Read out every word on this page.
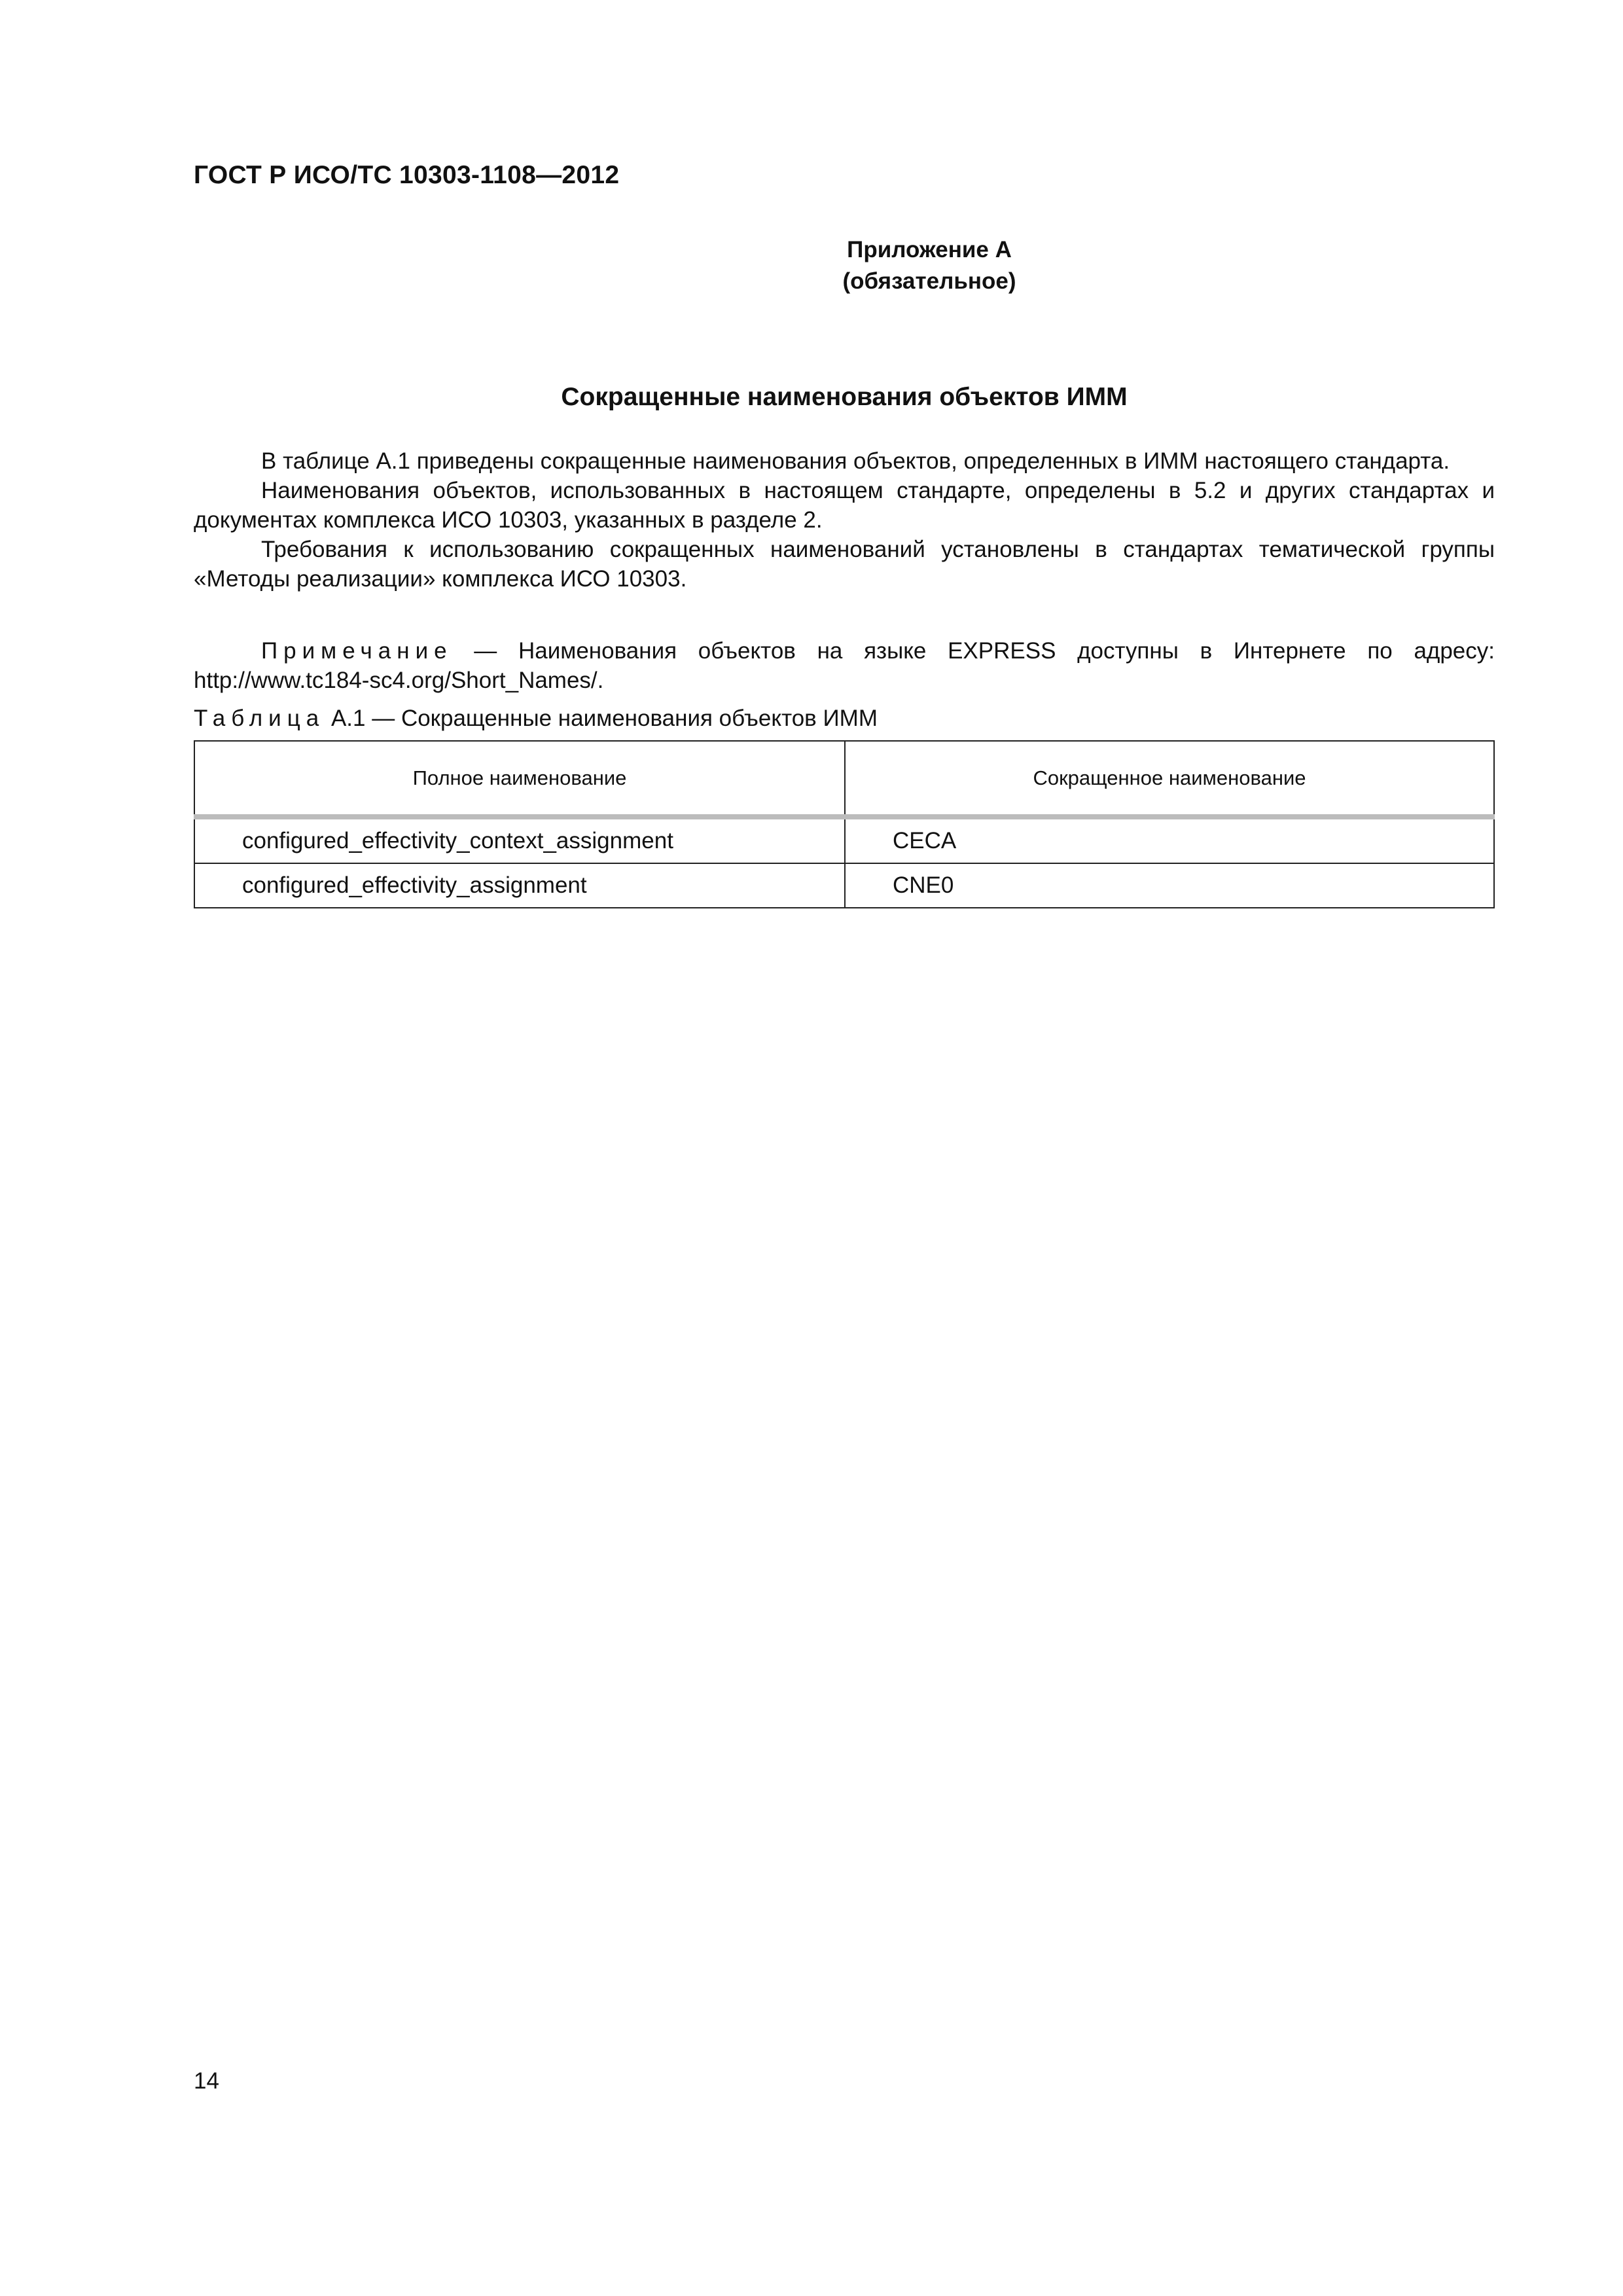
ГОСТ Р ИСО/ТС 10303-1108—2012
Приложение А
(обязательное)
Сокращенные наименования объектов ИММ

В таблице А.1 приведены сокращенные наименования объектов, определенных в ИММ настоящего стандарта.

Наименования объектов, использованных в настоящем стандарте, определены в 5.2 и других стандартах и документах комплекса ИСО 10303, указанных в разделе 2.

Требования к использованию сокращенных наименований установлены в стандартах тематической группы «Методы реализации» комплекса ИСО 10303.

Примечание — Наименования объектов на языке EXPRESS доступны в Интернете по адресу: http://www.tc184-sc4.org/Short_Names/.
Таблица А.1 — Сокращенные наименования объектов ИММ
Полное наименование	Сокращенное наименование
configured_effectivity_context_assignment	CECA
configured_effectivity_assignment	CNE0
14
